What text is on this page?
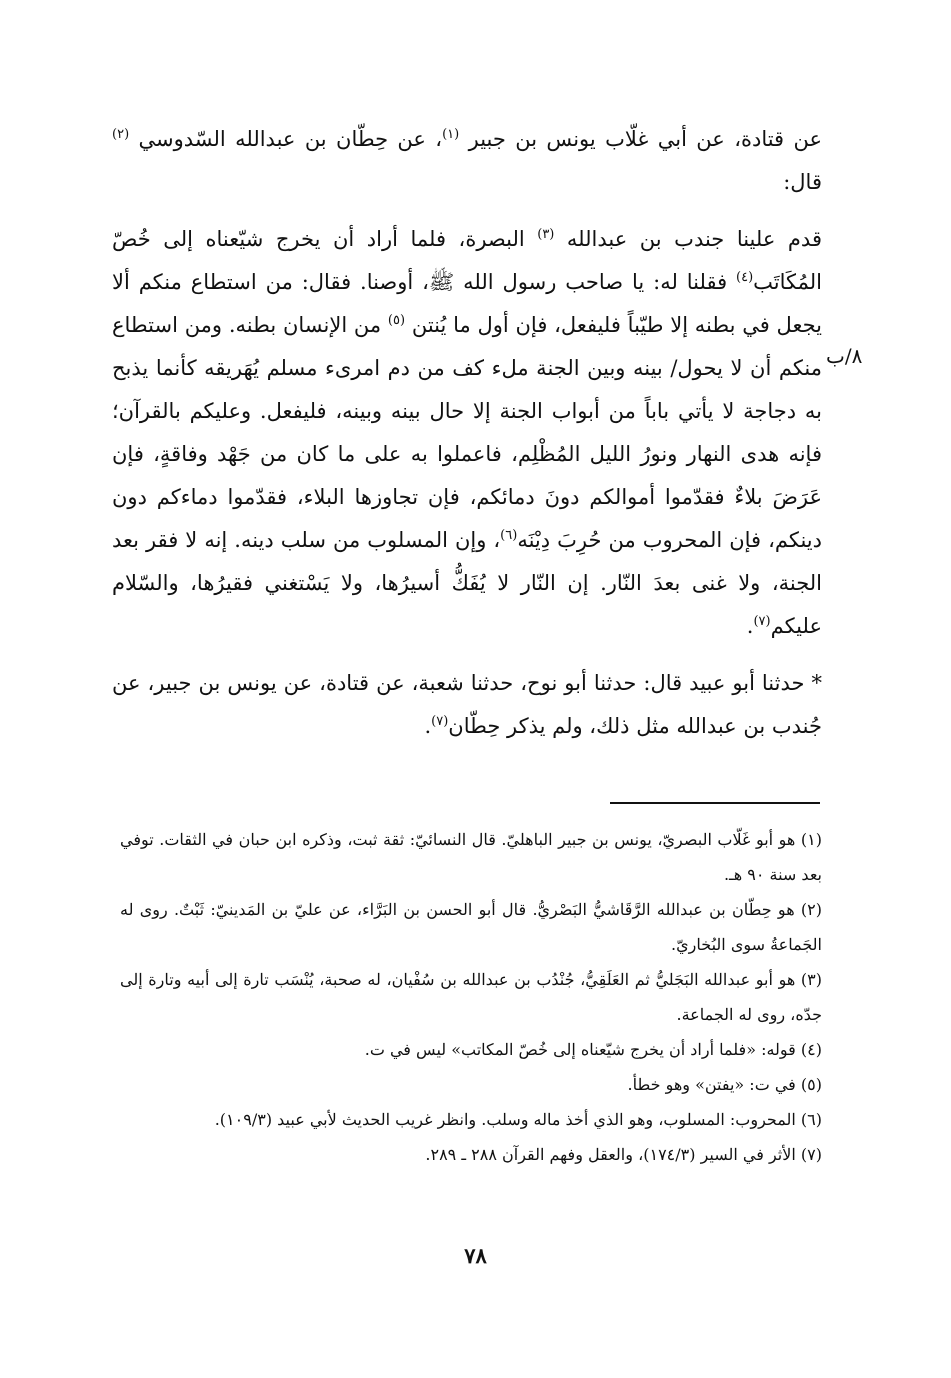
عن قتادة، عن أبي غلّاب يونس بن جبير $^{(١)}$، عن حِطّان بن عبدالله السّدوسي $^{(٢)}$ قال:

قدم علينا جندب بن عبدالله $^{(٣)}$ البصرة، فلما أراد أن يخرج شيّعناه إلى خُصّ المُكَاتَب$^{(٤)}$ فقلنا له: يا صاحب رسول الله ﷺ، أوصنا. فقال: من استطاع منكم ألا يجعل في بطنه إلا طيّباً فليفعل، فإن أول ما يُنتن $^{(٥)}$ من الإنسان بطنه. ومن استطاع منكم أن لا يحول/ بينه وبين الجنة ملء كف من دم امرىء مسلم يُهَريقه كأنما يذبح به دجاجة لا يأتي باباً من أبواب الجنة إلا حال بينه وبينه، فليفعل. وعليكم بالقرآن؛ فإنه هدى النهار ونورُ الليل المُظْلِم، فاعملوا به على ما كان من جَهْد وفاقةٍ، فإن عَرَضَ بلاءٌ فقدّموا أموالكم دونَ دمائكم، فإن تجاوزها البلاء، فقدّموا دماءكم دون دينكم، فإن المحروب من حُرِبَ دِيْنَه$^{(٦)}$، وإن المسلوب من سلب دينه. إنه لا فقر بعد الجنة، ولا غنى بعدَ النّار. إن النّار لا يُفَكُّ أسيرُها، ولا يَسْتغني فقيرُها، والسّلام عليكم$^{(٧)}$.

* حدثنا أبو عبيد قال: حدثنا أبو نوح، حدثنا شعبة، عن قتادة، عن يونس بن جبير، عن جُندب بن عبدالله مثل ذلك، ولم يذكر حِطّان$^{(٧)}$.

٨/ب

(١) هو أبو غَلّاب البصريّ، يونس بن جبير الباهليّ. قال النسائيّ: ثقة ثبت، وذكره ابن حبان في الثقات. توفي بعد سنة ٩٠ هـ.

(٢) هو حِطّان بن عبدالله الرَّقَاشيُّ البَصْريُّ. قال أبو الحسن بن البَرَّاء، عن عليّ بن المَدينيّ: ثَبْتٌ. روى له الجَماعةُ سوى البُخاريّ.

(٣) هو أبو عبدالله البَجَليُّ ثم العَلَقِيُّ، جُنْدُب بن عبدالله بن سُفْيان، له صحبة، يُنْسَب تارة إلى أبيه وتارة إلى جدّه، روى له الجماعة.

(٤) قوله: «فلما أراد أن يخرج شيّعناه إلى خُصّ المكاتب» ليس في ت.

(٥) في ت: «يفتن» وهو خطأ.

(٦) المحروب: المسلوب، وهو الذي أخذ ماله وسلب. وانظر غريب الحديث لأبي عبيد (١٠٩/٣).

(٧) الأثر في السير (١٧٤/٣)، والعقل وفهم القرآن ٢٨٨ ـ ٢٨٩.

٧٨
